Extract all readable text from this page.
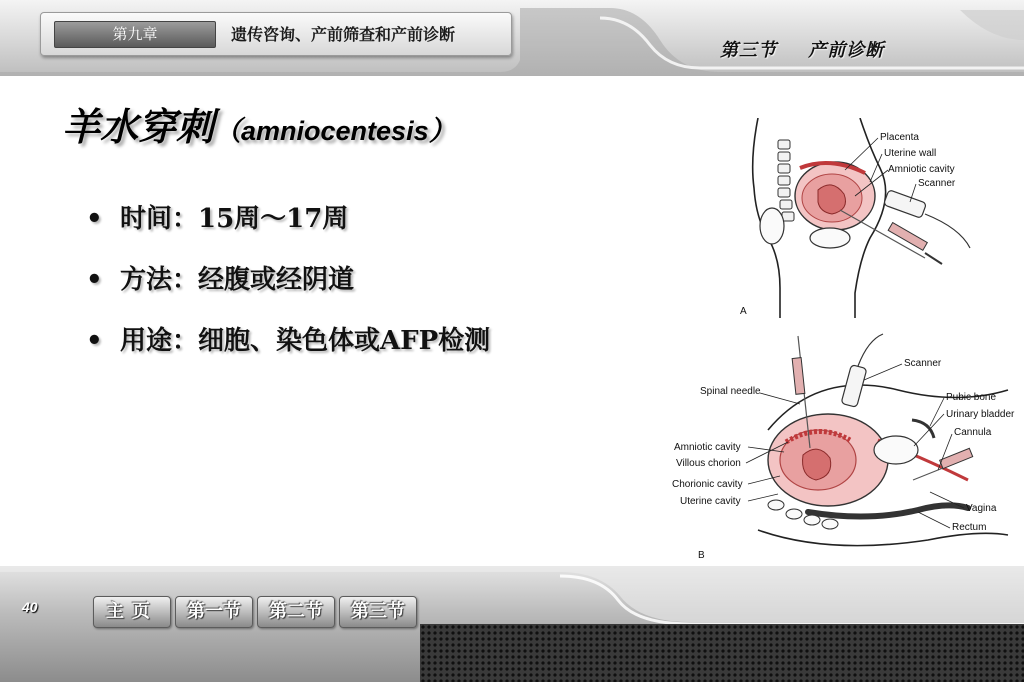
第九章	遗传咨询、产前筛查和产前诊断
第三节 产前诊断
羊水穿刺（amniocentesis）
• 时间：15周～17周
• 方法：经腹或经阴道
• 用途：细胞、染色体或AFP检测
Placenta
Uterine wall
Amniotic cavity
Scanner
A
Scanner
Pubic bone
Urinary bladder
Cannula
Vagina
Rectum
Spinal needle
Amniotic cavity
Villous chorion
Chorionic cavity
Uterine cavity
B
40	主页	第一节	第二节	第三节
